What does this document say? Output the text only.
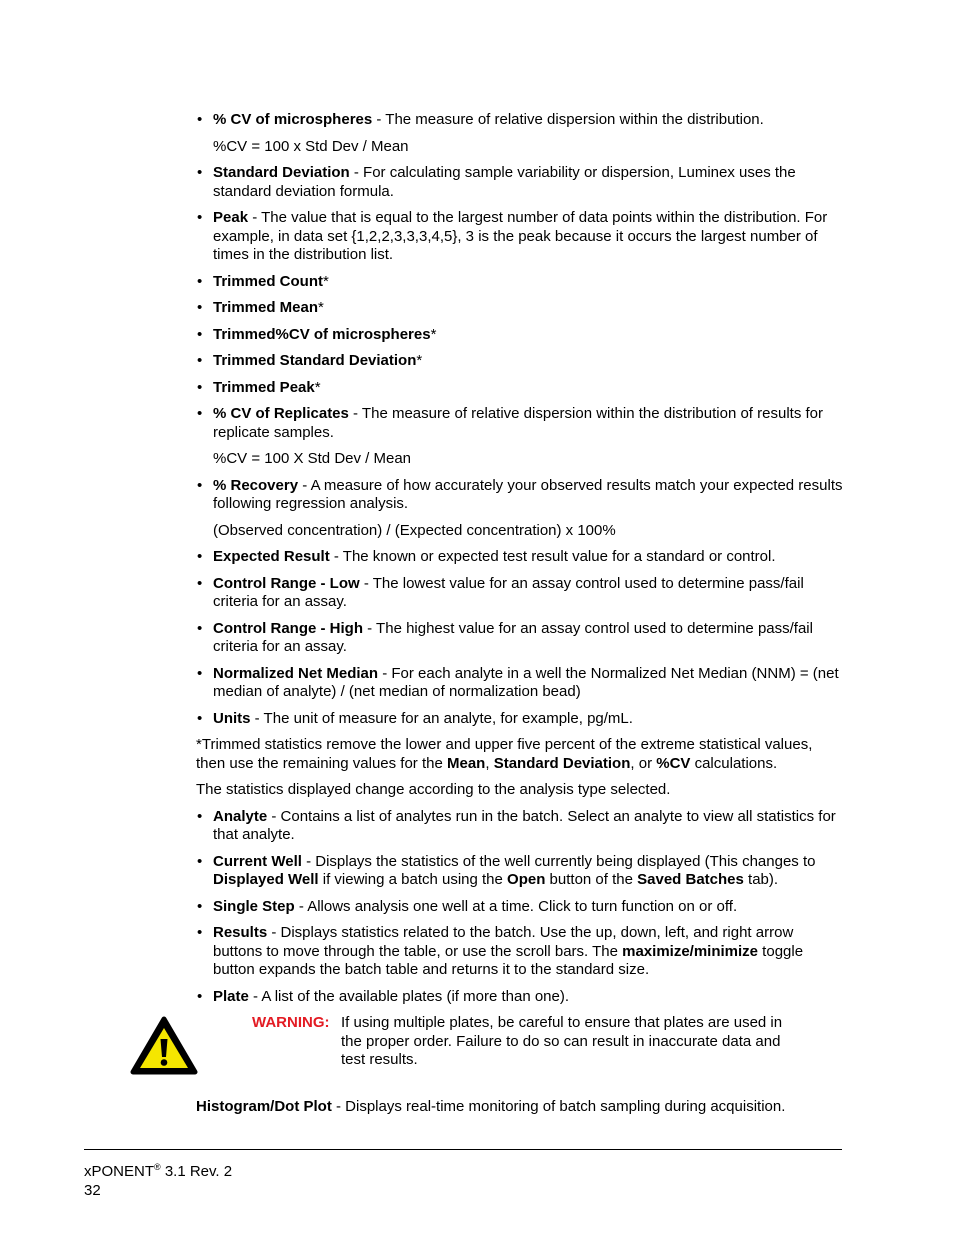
• % CV of microspheres - The measure of relative dispersion within the distribution.
%CV = 100 x Std Dev / Mean
• Standard Deviation - For calculating sample variability or dispersion, Luminex uses the standard deviation formula.
• Peak - The value that is equal to the largest number of data points within the distribution. For example, in data set {1,2,2,3,3,3,4,5}, 3 is the peak because it occurs the largest number of times in the distribution list.
• Trimmed Count*
• Trimmed Mean*
• Trimmed%CV of microspheres*
• Trimmed Standard Deviation*
• Trimmed Peak*
• % CV of Replicates - The measure of relative dispersion within the distribution of results for replicate samples.
%CV = 100 X Std Dev / Mean
• % Recovery - A measure of how accurately your observed results match your expected results following regression analysis.
(Observed concentration) / (Expected concentration) x 100%
• Expected Result - The known or expected test result value for a standard or control.
• Control Range - Low - The lowest value for an assay control used to determine pass/fail criteria for an assay.
• Control Range - High - The highest value for an assay control used to determine pass/fail criteria for an assay.
• Normalized Net Median - For each analyte in a well the Normalized Net Median (NNM) = (net median of analyte) / (net median of normalization bead)
• Units - The unit of measure for an analyte, for example, pg/mL.
*Trimmed statistics remove the lower and upper five percent of the extreme statistical values, then use the remaining values for the Mean, Standard Deviation, or %CV calculations.
The statistics displayed change according to the analysis type selected.
• Analyte - Contains a list of analytes run in the batch. Select an analyte to view all statistics for that analyte.
• Current Well - Displays the statistics of the well currently being displayed (This changes to Displayed Well if viewing a batch using the Open button of the Saved Batches tab).
• Single Step - Allows analysis one well at a time. Click to turn function on or off.
• Results - Displays statistics related to the batch. Use the up, down, left, and right arrow buttons to move through the table, or use the scroll bars. The maximize/minimize toggle button expands the batch table and returns it to the standard size.
• Plate - A list of the available plates (if more than one).
WARNING: If using multiple plates, be careful to ensure that plates are used in the proper order. Failure to do so can result in inaccurate data and test results.
Histogram/Dot Plot - Displays real-time monitoring of batch sampling during acquisition.
xPONENT® 3.1 Rev. 2
32
